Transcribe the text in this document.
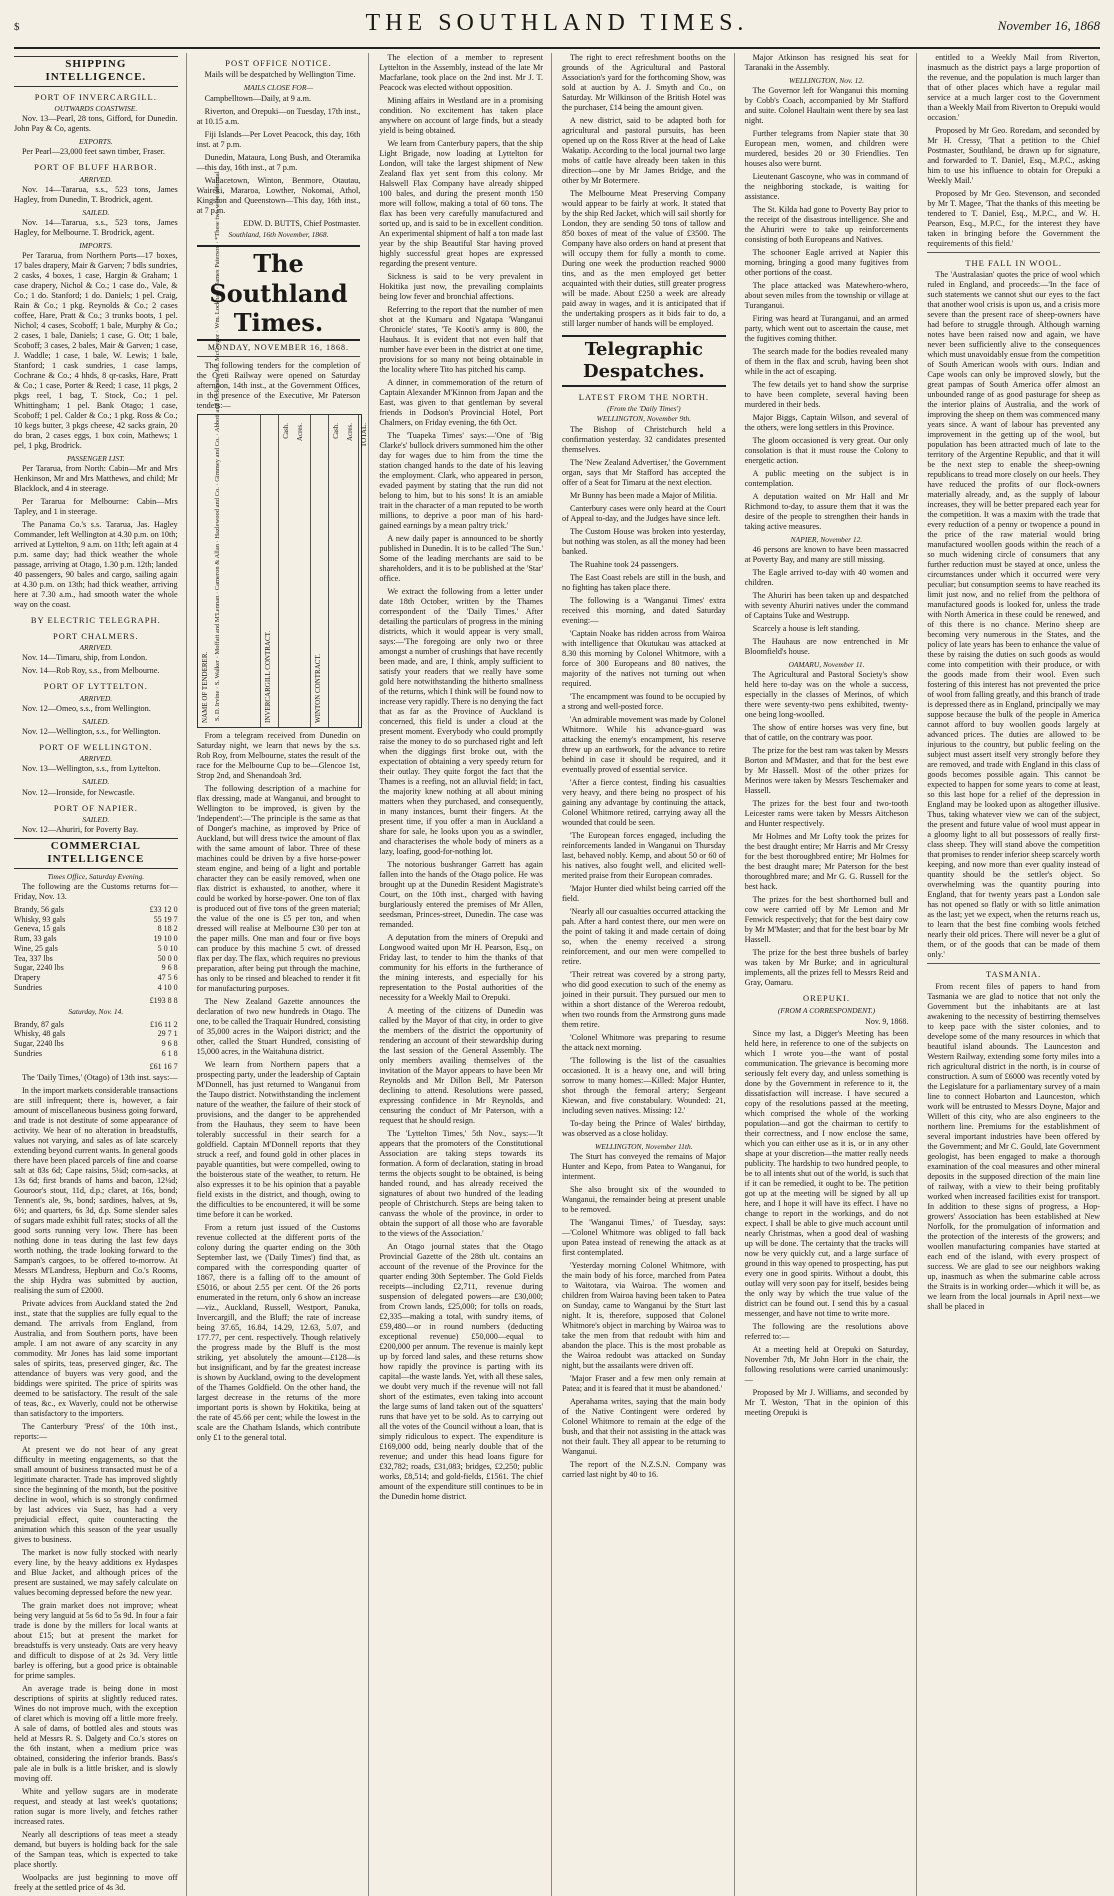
$	THE SOUTHLAND TIMES.	November 16, 1868
SHIPPING INTELLIGENCE.
PORT OF INVERCARGILL.
OUTWARDS COASTWISE.

Nov. 13—Pearl, 28 tons, Gifford, for Dunedin. John Pay & Co, agents.

EXPORTS.

Per Pearl—23,000 feet sawn timber, Fraser.

PORT OF BLUFF HARBOR.
ARRIVED.

Nov. 14—Tararua, s.s., 523 tons, James Hagley, from Dunedin, T. Brodrick, agent.

SAILED.

Nov. 14—Tararua, s.s., 523 tons, James Hagley, for Melbourne. T. Brodrick, agent.

IMPORTS.

Per Tararua, from Northern Ports—17 boxes, 17 bales drapery, Mair & Garven; 7 bdls sundries, 2 casks, 4 boxes, 1 case, Hargin & Graham; 1 case drapery, Nichol & Co.; 1 case do., Vale, & Co.; 1 do. Stanford; 1 do. Daniels; 1 pel. Craig, Rain & Co.; 1 pkg. Reynolds & Co.; 2 cases coffee, Hare, Pratt & Co.; 3 trunks boots, 1 pel. Nichol; 4 cases, Scoboff; 1 bale, Murphy & Co.; 2 cases, 1 bale, Daniels; 1 case, G. Ott; 1 bale, Scoboff; 3 cases, 2 bales, Mair & Garven; 1 case, J. Waddle; 1 case, 1 bale, W. Lewis; 1 bale, Stanford; 1 cask sundries, 1 case lamps, Cochrane & Co.; 4 hhds, 8 qr-casks, Hare, Pratt & Co.; 1 case, Porter & Reed; 1 case, 11 pkgs, 2 pkgs reel, 1 bag, T. Stock, Co.; 1 pel. Whittingham; 1 pel. Bank Otago; 1 case, Scoboff; 1 pel. Calder & Co.; 1 pkg. Ross & Co.; 10 kegs butter, 3 pkgs cheese, 42 sacks grain, 20 do bran, 2 cases eggs, 1 box coin, Mathews; 1 pel, 1 pkg, Brodrick.

PASSENGER LIST.

Per Tararua, from North: Cabin—Mr and Mrs Henkinson, Mr and Mrs Matthews, and child; Mr Blacklock, and 4 in steerage.

Per Tararua for Melbourne: Cabin—Mrs Tapley, and 1 in steerage.

The Panama Co.'s s.s. Tararua, Jas. Hagley Commander, left Wellington at 4.30 p.m. on 10th; arrived at Lyttelton, 9 a.m. on 11th; left again at 4 p.m. same day; had thick weather the whole passage, arriving at Otago, 1.30 p.m. 12th; landed 40 passengers, 90 bales and cargo, sailing again at 4.30 p.m. on 13th; had thick weather, arriving here at 7.30 a.m., had smooth water the whole way on the coast.

BY ELECTRIC TELEGRAPH.
PORT CHALMERS.
ARRIVED.

Nov. 14—Timaru, ship, from London.

Nov. 14—Rob Roy, s.s., from Melbourne.

PORT OF LYTTELTON.
ARRIVED.

Nov. 12—Omeo, s.s., from Wellington.

SAILED.

Nov. 12—Wellington, s.s., for Wellington.

PORT OF WELLINGTON.
ARRIVED.

Nov. 13—Wellington, s.s., from Lyttelton.

SAILED.

Nov. 12—Ironside, for Newcastle.

PORT OF NAPIER.
SAILED.

Nov. 12—Ahuriri, for Poverty Bay.

COMMERCIAL INTELLIGENCE
Times Office, Saturday Evening.

The following are the Customs returns for—Friday, Nov. 13.

Brandy, 56 gals	£33 12 0
Whisky, 93 gals	55 19 7
Geneva, 15 gals	8 18 2
Rum, 33 gals	19 10 0
Wine, 25 gals	5 0 10
Tea, 337 lbs	50 0 0
Sugar, 2240 lbs	9 6 8
Drapery	47 5 6
Sundries	4 10 0
£193 8 8
Saturday, Nov. 14.
Brandy, 87 gals	£16 11 2
Whisky, 48 gals	29 7 1
Sugar, 2240 lbs	9 6 8
Sundries	6 1 8
£61 16 7

The 'Daily Times,' (Otago) of 13th inst. says:—

In the import markets considerable transactions are still infrequent; there is, however, a fair amount of miscellaneous business going forward, and trade is not destitute of some appearance of activity. We hear of no alteration in breadstuffs, values not varying, and sales as of late scarcely extending beyond current wants. In general goods there have been placed parcels of fine and coarse salt at 83s 6d; Cape raisins, 5¼d; corn-sacks, at 13s 6d; first brands of hams and bacon, 12¼d; Gouroor's stout, 11d, d.p.; claret, at 16s, bond; Tennent's ale, 9s, bond; sardines, halves, at 9s, 6½; and quarters, 6s 3d, d.p. Some slender sales of sugars made exhibit full rates; stocks of all the good sorts running very low. There has been nothing done in teas during the last few days worth nothing, the trade looking forward to the Sampan's cargoes, to be offered to-morrow. At Messrs M'Landress, Hepburn and Co.'s Rooms, the ship Hydra was submitted by auction, realising the sum of £2000.

Private advices from Auckland stated the 2nd inst., state that the supplies are fully equal to the demand. The arrivals from England, from Australia, and from Southern ports, have been ample. I am not aware of any scarcity in any commodity. Mr Jones has laid some important sales of spirits, teas, preserved ginger, &c. The attendance of buyers was very good, and the biddings were spirited. The price of spirits was deemed to be satisfactory. The result of the sale of teas, &c., ex Waverly, could not be otherwise than satisfactory to the importers.

The Canterbury 'Press' of the 10th inst., reports:—

At present we do not hear of any great difficulty in meeting engagements, so that the small amount of business transacted must be of a legitimate character. Trade has improved slightly since the beginning of the month, but the positive decline in wool, which is so strongly confirmed by last advices via Suez, has had a very prejudicial effect, quite counteracting the animation which this season of the year usually gives to business.

The market is now fully stocked with nearly every line, by the heavy additions ex Hydaspes and Blue Jacket, and although prices of the present are sustained, we may safely calculate on values becoming depressed before the new year.

The grain market does not improve; wheat being very languid at 5s 6d to 5s 9d. In four a fair trade is done by the millers for local wants at about £15; but at present the market for breadstuffs is very unsteady. Oats are very heavy and difficult to dispose of at 2s 3d. Very little barley is offering, but a good price is obtainable for prime samples.

An average trade is being done in most descriptions of spirits at slightly reduced rates. Wines do not improve much, with the exception of claret which is moving off a little more freely. A sale of dams, of bottled ales and stouts was held at Messrs R. S. Dalgety and Co.'s stores on the 6th instant, when a medium price was obtained, considering the inferior brands. Bass's pale ale in bulk is a little brisker, and is slowly moving off.

White and yellow sugars are in moderate request, and steady at last week's quotations; ration sugar is more lively, and fetches rather increased rates.

Nearly all descriptions of teas meet a steady demand, but buyers is holding back for the sale of the Sampan teas, which is expected to take place shortly.

Woolpacks are just beginning to move off freely at the settled price of 4s 3d.

POST OFFICE NOTICE.

Mails will be despatched by Wellington Time.

MAILS CLOSE FOR—

Campbelltown—Daily, at 9 a.m.

Riverton, and Orepuki—on Tuesday, 17th inst., at 10.15 a.m.

Fiji Islands—Per Lovet Peacock, this day, 16th inst. at 7 p.m.

Dunedin, Mataura, Long Bush, and Oteramika—this day, 16th inst., at 7 p.m.

Wallacetown, Winton, Benmore, Otautau, Waireki, Mararoa, Lowther, Nokomai, Athol, Kingston and Queenstown—This day, 16th inst., at 7 p.m.

EDW. D. BUTTS, Chief Postmaster.
Southland, 16th November, 1868.
The Southland Times.
MONDAY, NOVEMBER 16, 1868.

The following tenders for the completion of the Oreti Railway were opened on Saturday afternoon, 14th inst., at the Government Offices, in the presence of the Executive, Mr Paterson tenders:—

NAME OF TENDERER. S. D. Irvine · S. Walker · Moffatt and M'Lennan · Cameron & Allan · Hazlewood and Co. · Gimmey and Co. · Abbott and Peckham · Jas. McGregor · Wm. Lockhart · James Paterson · *These two were informal	INVERCARGILL CONTRACT.
Cash. Acres.
WINTON CONTRACT.
Cash. Acres. TOTAL.

From a telegram received from Dunedin on Saturday night, we learn that news by the s.s. Rob Roy, from Melbourne, states the result of the race for the Melbourne Cup to be—Glencoe 1st, Strop 2nd, and Shenandoah 3rd.

The following description of a machine for flax dressing, made at Wanganui, and brought to Wellington to be improved, is given by the 'Independent':—'The principle is the same as that of Donger's machine, as improved by Price of Auckland, but will dress twice the amount of flax with the same amount of labor. Three of these machines could be driven by a five horse-power steam engine, and being of a light and portable character they can be easily removed, when one flax district is exhausted, to another, where it could be worked by horse-power. One ton of flax is produced out of five tons of the green material; the value of the one is £5 per ton, and when dressed will realise at Melbourne £30 per ton at the paper mills. One man and four or five boys can produce by this machine 5 cwt. of dressed flax per day. The flax, which requires no previous preparation, after being put through the machine, has only to be rinsed and bleached to render it fit for manufacturing purposes.

The New Zealand Gazette announces the declaration of two new hundreds in Otago. The one, to be called the Traquair Hundred, consisting of 35,000 acres in the Waipori district; and the other, called the Stuart Hundred, consisting of 15,000 acres, in the Waitahuna district.

We learn from Northern papers that a prospecting party, under the leadership of Captain M'Donnell, has just returned to Wanganui from the Taupo district. Notwithstanding the inclement nature of the weather, the failure of their stock of provisions, and the danger to be apprehended from the Hauhaus, they seem to have been tolerably successful in their search for a goldfield. Captain M'Donnell reports that they struck a reef, and found gold in other places in payable quantities, but were compelled, owing to the boisterous state of the weather, to return. He also expresses it to be his opinion that a payable field exists in the district, and though, owing to the difficulties to be encountered, it will be some time before it can be worked.

From a return just issued of the Customs revenue collected at the different ports of the colony during the quarter ending on the 30th September last, we ('Daily Times') find that, as compared with the corresponding quarter of 1867, there is a falling off to the amount of £5016, or about 2.55 per cent. Of the 26 ports enumerated in the return, only 6 show an increase—viz., Auckland, Russell, Westport, Panuka, Invercargill, and the Bluff; the rate of increase being 37.65, 16.84, 14.29, 12.63, 5.07, and 177.77, per cent. respectively. Though relatively the progress made by the Bluff is the most striking, yet absolutely the amount—£128—is but insignificant, and by far the greatest increase is shown by Auckland, owing to the development of the Thames Goldfield. On the other hand, the largest decrease in the returns of the more important ports is shown by Hokitika, being at the rate of 45.66 per cent; while the lowest in the scale are the Chatham Islands, which contribute only £1 to the general total.

The election of a member to represent Lyttelton in the Assembly, instead of the late Mr Macfarlane, took place on the 2nd inst. Mr J. T. Peacock was elected without opposition.

Mining affairs in Westland are in a promising condition. No excitement has taken place anywhere on account of large finds, but a steady yield is being obtained.

We learn from Canterbury papers, that the ship Light Brigade, now loading at Lyttelton for London, will take the largest shipment of New Zealand flax yet sent from this colony. Mr Halswell Flax Company have already shipped 100 bales, and during the present month 150 more will follow, making a total of 60 tons. The flax has been very carefully manufactured and sorted up, and is said to be in excellent condition. An experimental shipment of half a ton made last year by the ship Beautiful Star having proved highly successful great hopes are expressed regarding the present venture.

Sickness is said to be very prevalent in Hokitika just now, the prevailing complaints being low fever and bronchial affections.

Referring to the report that the number of men shot at the Kumaru and Ngatapa 'Wanganui Chronicle' states, 'Te Kooti's army is 800, the Hauhaus. It is evident that not even half that number have ever been in the district at one time, provisions for so many not being obtainable in the locality where Tito has pitched his camp.

A dinner, in commemoration of the return of Captain Alexander M'Kinnon from Japan and the East, was given to that gentleman by several friends in Dodson's Provincial Hotel, Port Chalmers, on Friday evening, the 6th Oct.

The 'Tuapeka Times' says:—'One of 'Big Clarke's' bullock drivers summoned him the other day for wages due to him from the time the station changed hands to the date of his leaving the employment. Clark, who appeared in person, evaded payment by stating that the run did not belong to him, but to his sons! It is an amiable trait in the character of a man reputed to be worth millions, to deprive a poor man of his hard-gained earnings by a mean paltry trick.'

A new daily paper is announced to be shortly published in Dunedin. It is to be called 'The Sun.' Some of the leading merchants are said to be shareholders, and it is to be published at the 'Star' office.

We extract the following from a letter under date 18th October, written by the Thames correspondent of the 'Daily Times.' After detailing the particulars of progress in the mining districts, which it would appear is very small, says:—'The foregoing are only two or three amongst a number of crushings that have recently been made, and are, I think, amply sufficient to satisfy your readers that we really have some gold here notwithstanding the hitherto smallness of the returns, which I think will be found now to increase very rapidly. There is no denying the fact that as far as the Province of Auckland is concerned, this field is under a cloud at the present moment. Everybody who could promptly raise the money to do so purchased right and left when the diggings first broke out, with the expectation of obtaining a very speedy return for their outlay. They quite forgot the fact that the Thames is a reefing, not an alluvial field; in fact, the majority knew nothing at all about mining matters when they purchased, and consequently, in many instances, burnt their fingers. At the present time, if you offer a man in Auckland a share for sale, he looks upon you as a swindler, and characterises the whole body of miners as a lazy, loafing, good-for-nothing lot.

The notorious bushranger Garrett has again fallen into the hands of the Otago police. He was brought up at the Dunedin Resident Magistrate's Court, on the 10th inst., charged with having burglariously entered the premises of Mr Allen, seedsman, Princes-street, Dunedin. The case was remanded.

A deputation from the miners of Orepuki and Longwood waited upon Mr H. Pearson, Esq., on Friday last, to tender to him the thanks of that community for his efforts in the furtherance of the mining interests, and especially for his representation to the Postal authorities of the necessity for a Weekly Mail to Orepuki.

A meeting of the citizens of Dunedin was called by the Mayor of that city, in order to give the members of the district the opportunity of rendering an account of their stewardship during the last session of the General Assembly. The only members availing themselves of the invitation of the Mayor appears to have been Mr Reynolds and Mr Dillon Bell, Mr Paterson declining to attend. Resolutions were passed, expressing confidence in Mr Reynolds, and censuring the conduct of Mr Paterson, with a request that he should resign.

The 'Lyttelton Times,' 5th Nov., says:—'It appears that the promoters of the Constitutional Association are taking steps towards its formation. A form of declaration, stating in broad terms the objects sought to be obtained, is being handed round, and has already received the signatures of about two hundred of the leading people of Christchurch. Steps are being taken to canvass the whole of the province, in order to obtain the support of all those who are favorable to the views of the Association.'

An Otago journal states that the Otago Provincial Gazette of the 28th ult. contains an account of the revenue of the Province for the quarter ending 30th September. The Gold Fields receipts—including £2,711, revenue during suspension of delegated powers—are £30,000; from Crown lands, £25,000; for tolls on roads, £2,335—making a total, with sundry items, of £59,480—or in round numbers (deducting exceptional revenue) £50,000—equal to £200,000 per annum. The revenue is mainly kept up by forced land sales, and these returns show how rapidly the province is parting with its capital—the waste lands. Yet, with all these sales, we doubt very much if the revenue will not fall short of the estimates, even taking into account the large sums of land taken out of the squatters' runs that have yet to be sold. As to carrying out all the votes of the Council without a loan, that is simply ridiculous to expect. The expenditure is £169,000 odd, being nearly double that of the revenue; and under this head loans figure for £32,782; roads, £31,083; bridges, £2,250; public works, £8,514; and gold-fields, £1561. The chief amount of the expenditure still continues to be in the Dunedin home district.

The right to erect refreshment booths on the grounds of the Agricultural and Pastoral Association's yard for the forthcoming Show, was sold at auction by A. J. Smyth and Co., on Saturday. Mr Wilkinson of the British Hotel was the purchaser, £14 being the amount given.

A new district, said to be adapted both for agricultural and pastoral pursuits, has been opened up on the Ross River at the head of Lake Wakatip. According to the local journal two large mobs of cattle have already been taken in this direction—one by Mr James Bridge, and the other by Mr Botermere.

The Melbourne Meat Preserving Company would appear to be fairly at work. It stated that by the ship Red Jacket, which will sail shortly for London, they are sending 50 tons of tallow and 850 boxes of meat of the value of £3500. The Company have also orders on hand at present that will occupy them for fully a month to come. During one week the production reached 9000 tins, and as the men employed get better acquainted with their duties, still greater progress will be made. About £250 a week are already paid away in wages, and it is anticipated that if the undertaking prospers as it bids fair to do, a still larger number of hands will be employed.

Telegraphic Despatches.
LATEST FROM THE NORTH.
(From the 'Daily Times')
WELLINGTON, November 9th.

The Bishop of Christchurch held a confirmation yesterday. 32 candidates presented themselves.

The 'New Zealand Advertiser,' the Government organ, says that Mr Stafford has accepted the offer of a Seat for Timaru at the next election.

Mr Bunny has been made a Major of Militia.

Canterbury cases were only heard at the Court of Appeal to-day, and the Judges have since left.

The Custom House was broken into yesterday, but nothing was stolen, as all the money had been banked.

The Ruahine took 24 passengers.

The East Coast rebels are still in the bush, and no fighting has taken place there.

The following is a 'Wanganui Times' extra received this morning, and dated Saturday evening:—

'Captain Noake has ridden across from Wairoa with intelligence that Okutukau was attacked at 8.30 this morning by Colonel Whitmore, with a force of 300 Europeans and 80 natives, the majority of the natives not turning out when required.

'The encampment was found to be occupied by a strong and well-posted force.

'An admirable movement was made by Colonel Whitmore. While his advance-guard was attacking the enemy's encampment, his reserve threw up an earthwork, for the advance to retire behind in case it should be required, and it eventually proved of essential service.

'After a fierce contest, finding his casualties very heavy, and there being no prospect of his gaining any advantage by continuing the attack, Colonel Whitmore retired, carrying away all the wounded that could be seen.

'The European forces engaged, including the reinforcements landed in Wanganui on Thursday last, behaved nobly. Kemp, and about 50 or 60 of his natives, also fought well, and elicited well-merited praise from their European comrades.

'Major Hunter died whilst being carried off the field.

'Nearly all our casualties occurred attacking the pah. After a hard contest there, our men were on the point of taking it and made certain of doing so, when the enemy received a strong reinforcement, and our men were compelled to retire.

'Their retreat was covered by a strong party, who did good execution to such of the enemy as joined in their pursuit. They pursued our men to within a short distance of the Wereroa redoubt, when two rounds from the Armstrong guns made them retire.

'Colonel Whitmore was preparing to resume the attack next morning.

'The following is the list of the casualties occasioned. It is a heavy one, and will bring sorrow to many homes:—Killed: Major Hunter, shot through the femoral artery; Sergeant Kiewan, and five constabulary. Wounded: 21, including seven natives. Missing: 12.'

To-day being the Prince of Wales' birthday, was observed as a close holiday.

WELLINGTON, November 11th.

The Sturt has conveyed the remains of Major Hunter and Kepo, from Patea to Wanganui, for interment.

She also brought six of the wounded to Wanganui, the remainder being at present unable to be removed.

The 'Wanganui Times,' of Tuesday, says:—'Colonel Whitmore was obliged to fall back upon Patea instead of renewing the attack as at first contemplated.

'Yesterday morning Colonel Whitmore, with the main body of his force, marched from Patea to Waitotara, via Wairoa. The women and children from Wairoa having been taken to Patea on Sunday, came to Wanganui by the Sturt last night. It is, therefore, supposed that Colonel Whitmore's object in marching by Wairoa was to take the men from that redoubt with him and abandon the place. This is the most probable as the Wairoa redoubt was attacked on Sunday night, but the assailants were driven off.

'Major Fraser and a few men only remain at Patea; and it is feared that it must be abandoned.'

Aperahama writes, saying that the main body of the Native Contingent were ordered by Colonel Whitmore to remain at the edge of the bush, and that their not assisting in the attack was not their fault. They all appear to be returning to Wanganui.

The report of the N.Z.S.N. Company was carried last night by 40 to 16.

Major Atkinson has resigned his seat for Taranaki in the Assembly.

WELLINGTON, Nov. 12.

The Governor left for Wanganui this morning by Cobb's Coach, accompanied by Mr Stafford and suite. Colonel Haultain went there by sea last night.

Further telegrams from Napier state that 30 European men, women, and children were murdered, besides 20 or 30 Friendlies. Ten houses also were burnt.

Lieutenant Gascoyne, who was in command of the neighboring stockade, is waiting for assistance.

The St. Kilda had gone to Poverty Bay prior to the receipt of the disastrous intelligence. She and the Ahuriri were to take up reinforcements consisting of both Europeans and Natives.

The schooner Eagle arrived at Napier this morning, bringing a good many fugitives from other portions of the coast.

The place attacked was Matewhero-whero, about seven miles from the township or village at Turanganui.

Firing was heard at Turanganui, and an armed party, which went out to ascertain the cause, met the fugitives coming thither.

The search made for the bodies revealed many of them in the flax and scrub, having been shot while in the act of escaping.

The few details yet to hand show the surprise to have been complete, several having been murdered in their beds.

Major Biggs, Captain Wilson, and several of the others, were long settlers in this Province.

The gloom occasioned is very great. Our only consolation is that it must rouse the Colony to energetic action.

A public meeting on the subject is in contemplation.

A deputation waited on Mr Hall and Mr Richmond to-day, to assure them that it was the desire of the people to strengthen their hands in taking active measures.

NAPIER, November 12.

46 persons are known to have been massacred at Poverty Bay, and many are still missing.

The Eagle arrived to-day with 40 women and children.

The Ahuriri has been taken up and despatched with seventy Ahuriri natives under the command of Captains Tuke and Westrupp.

Scarcely a house is left standing.

The Hauhaus are now entrenched in Mr Bloomfield's house.

OAMARU, November 11.

The Agricultural and Pastoral Society's show held here to-day was on the whole a success, especially in the classes of Merinos, of which there were seventy-two pens exhibited, twenty-one being long-woolled.

The show of entire horses was very fine, but that of cattle, on the contrary was poor.

The prize for the best ram was taken by Messrs Borton and M'Master, and that for the best ewe by Mr Hassell. Most of the other prizes for Merinos were taken by Messrs Teschemaker and Hassell.

The prizes for the best four and two-tooth Leicester rams were taken by Messrs Aitcheson and Hunter respectively.

Mr Holmes and Mr Lofty took the prizes for the best draught entire; Mr Harris and Mr Cressy for the best thoroughbred entire; Mr Holmes for the best draught mare; Mr Paterson for the best thoroughbred mare; and Mr G. G. Russell for the best hack.

The prizes for the best shorthorned bull and cow were carried off by Mr Lemon and Mr Fenwick respectively; that for the best dairy cow by Mr M'Master; and that for the best boar by Mr Hassell.

The prize for the best three bushels of barley was taken by Mr Burke; and in agricultural implements, all the prizes fell to Messrs Reid and Gray, Oamaru.

OREPUKI.
(FROM A CORRESPONDENT.)
Nov. 9, 1868.

Since my last, a Digger's Meeting has been held here, in reference to one of the subjects on which I wrote you—the want of postal communication. The grievance is becoming more seriously felt every day, and unless something is done by the Government in reference to it, the dissatisfaction will increase. I have secured a copy of the resolutions passed at the meeting, which comprised the whole of the working population—and got the chairman to certify to their correctness, and I now enclose the same, which you can either use as it is, or in any other shape at your discretion—the matter really needs publicity. The hardship to two hundred people, to be to all intents shut out of the world, is such that if it can be remedied, it ought to be. The petition got up at the meeting will be signed by all up here, and I hope it will have its effect. I have no change to report in the workings, and do not expect. I shall be able to give much account until nearly Christmas, when a good deal of washing up will be done. The certainty that the tracks will now be very quickly cut, and a large surface of ground in this way opened to prospecting, has put every one in good spirits. Without a doubt, this outlay will very soon pay for itself, besides being the only way by which the true value of the district can be found out. I send this by a casual messenger, and have not time to write more.

The following are the resolutions above referred to:—

At a meeting held at Orepuki on Saturday, November 7th, Mr John Horr in the chair, the following resolutions were carried unanimously:—

Proposed by Mr J. Williams, and seconded by Mr T. Weston, 'That in the opinion of this meeting Orepuki is

entitled to a Weekly Mail from Riverton, inasmuch as the district pays a large proportion of the revenue, and the population is much larger than that of other places which have a regular mail service at a much larger cost to the Government than a Weekly Mail from Riverton to Orepuki would occasion.'

Proposed by Mr Geo. Roredam, and seconded by Mr H. Cressy, 'That a petition to the Chief Postmaster, Southland, be drawn up for signature, and forwarded to T. Daniel, Esq., M.P.C., asking him to use his influence to obtain for Orepuki a Weekly Mail.'

Proposed by Mr Geo. Stevenson, and seconded by Mr T. Magee, 'That the thanks of this meeting be tendered to T. Daniel, Esq., M.P.C., and W. H. Pearson, Esq., M.P.C., for the interest they have taken in bringing before the Government the requirements of this field.'

THE FALL IN WOOL.

The 'Australasian' quotes the price of wool which ruled in England, and proceeds:—'In the face of such statements we cannot shut our eyes to the fact that another wool crisis is upon us, and a crisis more severe than the present race of sheep-owners have had before to struggle through. Although warning notes have been raised now and again, we have never been sufficiently alive to the consequences which must unavoidably ensue from the competition of South American wools with ours. Indian and Cape wools can only be improved slowly, but the great pampas of South America offer almost an unbounded range of as good pasturage for sheep as the interior plains of Australia, and the work of improving the sheep on them was commenced many years since. A want of labour has prevented any improvement in the getting up of the wool, but population has been attracted much of late to the territory of the Argentine Republic, and that it will be the next step to enable the sheep-owning republicans to tread more closely on our heels. They have reduced the profits of our flock-owners materially already, and, as the supply of labour increases, they will be better prepared each year for the competition. It was a maxim with the trade that every reduction of a penny or twopence a pound in the price of the raw material would bring manufactured woollen goods within the reach of a so much widening circle of consumers that any further reduction must be stayed at once, unless the circumstances under which it occurred were very peculiar; but consumption seems to have reached its limit just now, and no relief from the pelthora of manufactured goods is looked for, unless the trade with North America in these could be renewed, and of this there is no chance. Merino sheep are becoming very numerous in the States, and the policy of late years has been to enhance the value of these by raising the duties on such goods as would come into competition with their produce, or with the goods made from their wool. Even such fostering of this interest has not prevented the price of wool from falling greatly, and this branch of trade is depressed there as in England, principally we may suppose because the bulk of the people in America cannot afford to buy woollen goods largely at advanced prices. The duties are allowed to be injurious to the country, but public feeling on the subject must assert itself very strongly before they are removed, and trade with England in this class of goods becomes possible again. This cannot be expected to happen for some years to come at least, so this last hope for a relief of the depression in England may be looked upon as altogether illusive. Thus, taking whatever view we can of the subject, the present and future value of wool must appear in a gloomy light to all but possessors of really first-class sheep. They will stand above the competition that promises to render inferior sheep scarcely worth keeping, and now more than ever quality instead of quantity should be the settler's object. So overwhelming was the quantity pouring into England, that for twenty years past a London sale has not opened so flatly or with so little animation as the last; yet we expect, when the returns reach us, to learn that the best fine combing wools fetched nearly their old prices. There will never be a glut of them, or of the goods that can be made of them only.'

TASMANIA.

From recent files of papers to hand from Tasmania we are glad to notice that not only the Government but the inhabitants are at last awakening to the necessity of bestirring themselves to keep pace with the sister colonies, and to develope some of the many resources in which that beautiful island abounds. The Launceston and Western Railway, extending some forty miles into a rich agricultural district in the north, is in course of construction. A sum of £6000 was recently voted by the Legislature for a parliamentary survey of a main line to connect Hobarton and Launceston, which work will be entrusted to Messrs Doyne, Major and Willett of this city, who are also engineers to the northern line. Premiums for the establishment of several important industries have been offered by the Government; and Mr C. Gould, late Government geologist, has been engaged to make a thorough examination of the coal measures and other mineral deposits in the supposed direction of the main line of railway, with a view to their being profitably worked when increased facilities exist for transport. In addition to these signs of progress, a Hop-growers' Association has been established at New Norfolk, for the promulgation of information and the protection of the interests of the growers; and woollen manufacturing companies have started at each end of the island, with every prospect of success. We are glad to see our neighbors waking up, inasmuch as when the submarine cable across the Straits is in working order—which it will be, as we learn from the local journals in April next—we shall be placed in
